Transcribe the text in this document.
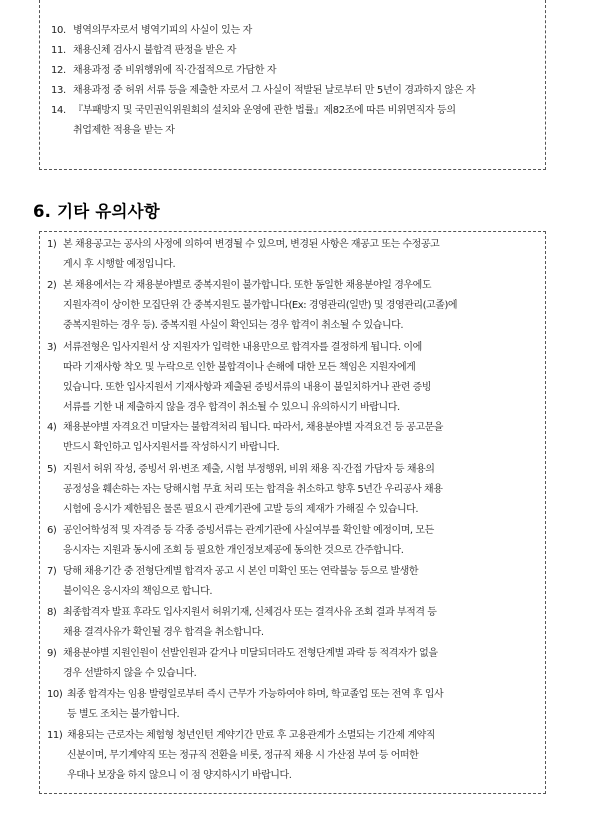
10. 병역의무자로서 병역기피의 사실이 있는 자
11. 채용신체 검사시 불합격 판정을 받은 자
12. 채용과정 중 비위행위에 직·간접적으로 가담한 자
13. 채용과정 중 허위 서류 등을 제출한 자로서 그 사실이 적발된 날로부터 만 5년이 경과하지 않은 자
14. 『부패방지 및 국민권익위원회의 설치와 운영에 관한 법률』제82조에 따른 비위면직자 등의
취업제한 적용을 받는 자
6. 기타 유의사항
1) 본 채용공고는 공사의 사정에 의하여 변경될 수 있으며, 변경된 사항은 재공고 또는 수정공고
게시 후 시행할 예정입니다.
2) 본 채용에서는 각 채용분야별로 중복지원이 불가합니다. 또한 동일한 채용분야일 경우에도
지원자격이 상이한 모집단위 간 중복지원도 불가합니다(Ex: 경영관리(일반) 및 경영관리(고졸)에
중복지원하는 경우 등). 중복지원 사실이 확인되는 경우 합격이 취소될 수 있습니다.
3) 서류전형은 입사지원서 상 지원자가 입력한 내용만으로 합격자를 결정하게 됩니다. 이에
따라 기재사항 착오 및 누락으로 인한 불합격이나 손해에 대한 모든 책임은 지원자에게
있습니다. 또한 입사지원서 기재사항과 제출된 증빙서류의 내용이 불일치하거나 관련 증빙
서류를 기한 내 제출하지 않을 경우 합격이 취소될 수 있으니 유의하시기 바랍니다.
4) 채용분야별 자격요건 미달자는 불합격처리 됩니다. 따라서, 채용분야별 자격요건 등 공고문을
반드시 확인하고 입사지원서를 작성하시기 바랍니다.
5) 지원서 허위 작성, 증빙서 위·변조 제출, 시험 부정행위, 비위 채용 직·간접 가담자 등 채용의
공정성을 훼손하는 자는 당해시험 무효 처리 또는 합격을 취소하고 향후 5년간 우리공사 채용
시험에 응시가 제한됨은 물론 필요시 관계기관에 고발 등의 제재가 가해질 수 있습니다.
6) 공인어학성적 및 자격증 등 각종 증빙서류는 관계기관에 사실여부를 확인할 예정이며, 모든
응시자는 지원과 동시에 조회 등 필요한 개인정보제공에 동의한 것으로 간주합니다.
7) 당해 채용기간 중 전형단계별 합격자 공고 시 본인 미확인 또는 연락불능 등으로 발생한
불이익은 응시자의 책임으로 합니다.
8) 최종합격자 발표 후라도 입사지원서 허위기재, 신체검사 또는 결격사유 조회 결과 부적격 등
채용 결격사유가 확인될 경우 합격을 취소합니다.
9) 채용분야별 지원인원이 선발인원과 같거나 미달되더라도 전형단계별 과락 등 적격자가 없을
경우 선발하지 않을 수 있습니다.
10) 최종 합격자는 임용 발령일로부터 즉시 근무가 가능하여야 하며, 학교졸업 또는 전역 후 입사
등 별도 조치는 불가합니다.
11) 채용되는 근로자는 체험형 청년인턴 계약기간 만료 후 고용관계가 소멸되는 기간제 계약직
신분이며, 무기계약직 또는 정규직 전환을 비롯, 정규직 채용 시 가산점 부여 등 어떠한
우대나 보장을 하지 않으니 이 점 양지하시기 바랍니다.
